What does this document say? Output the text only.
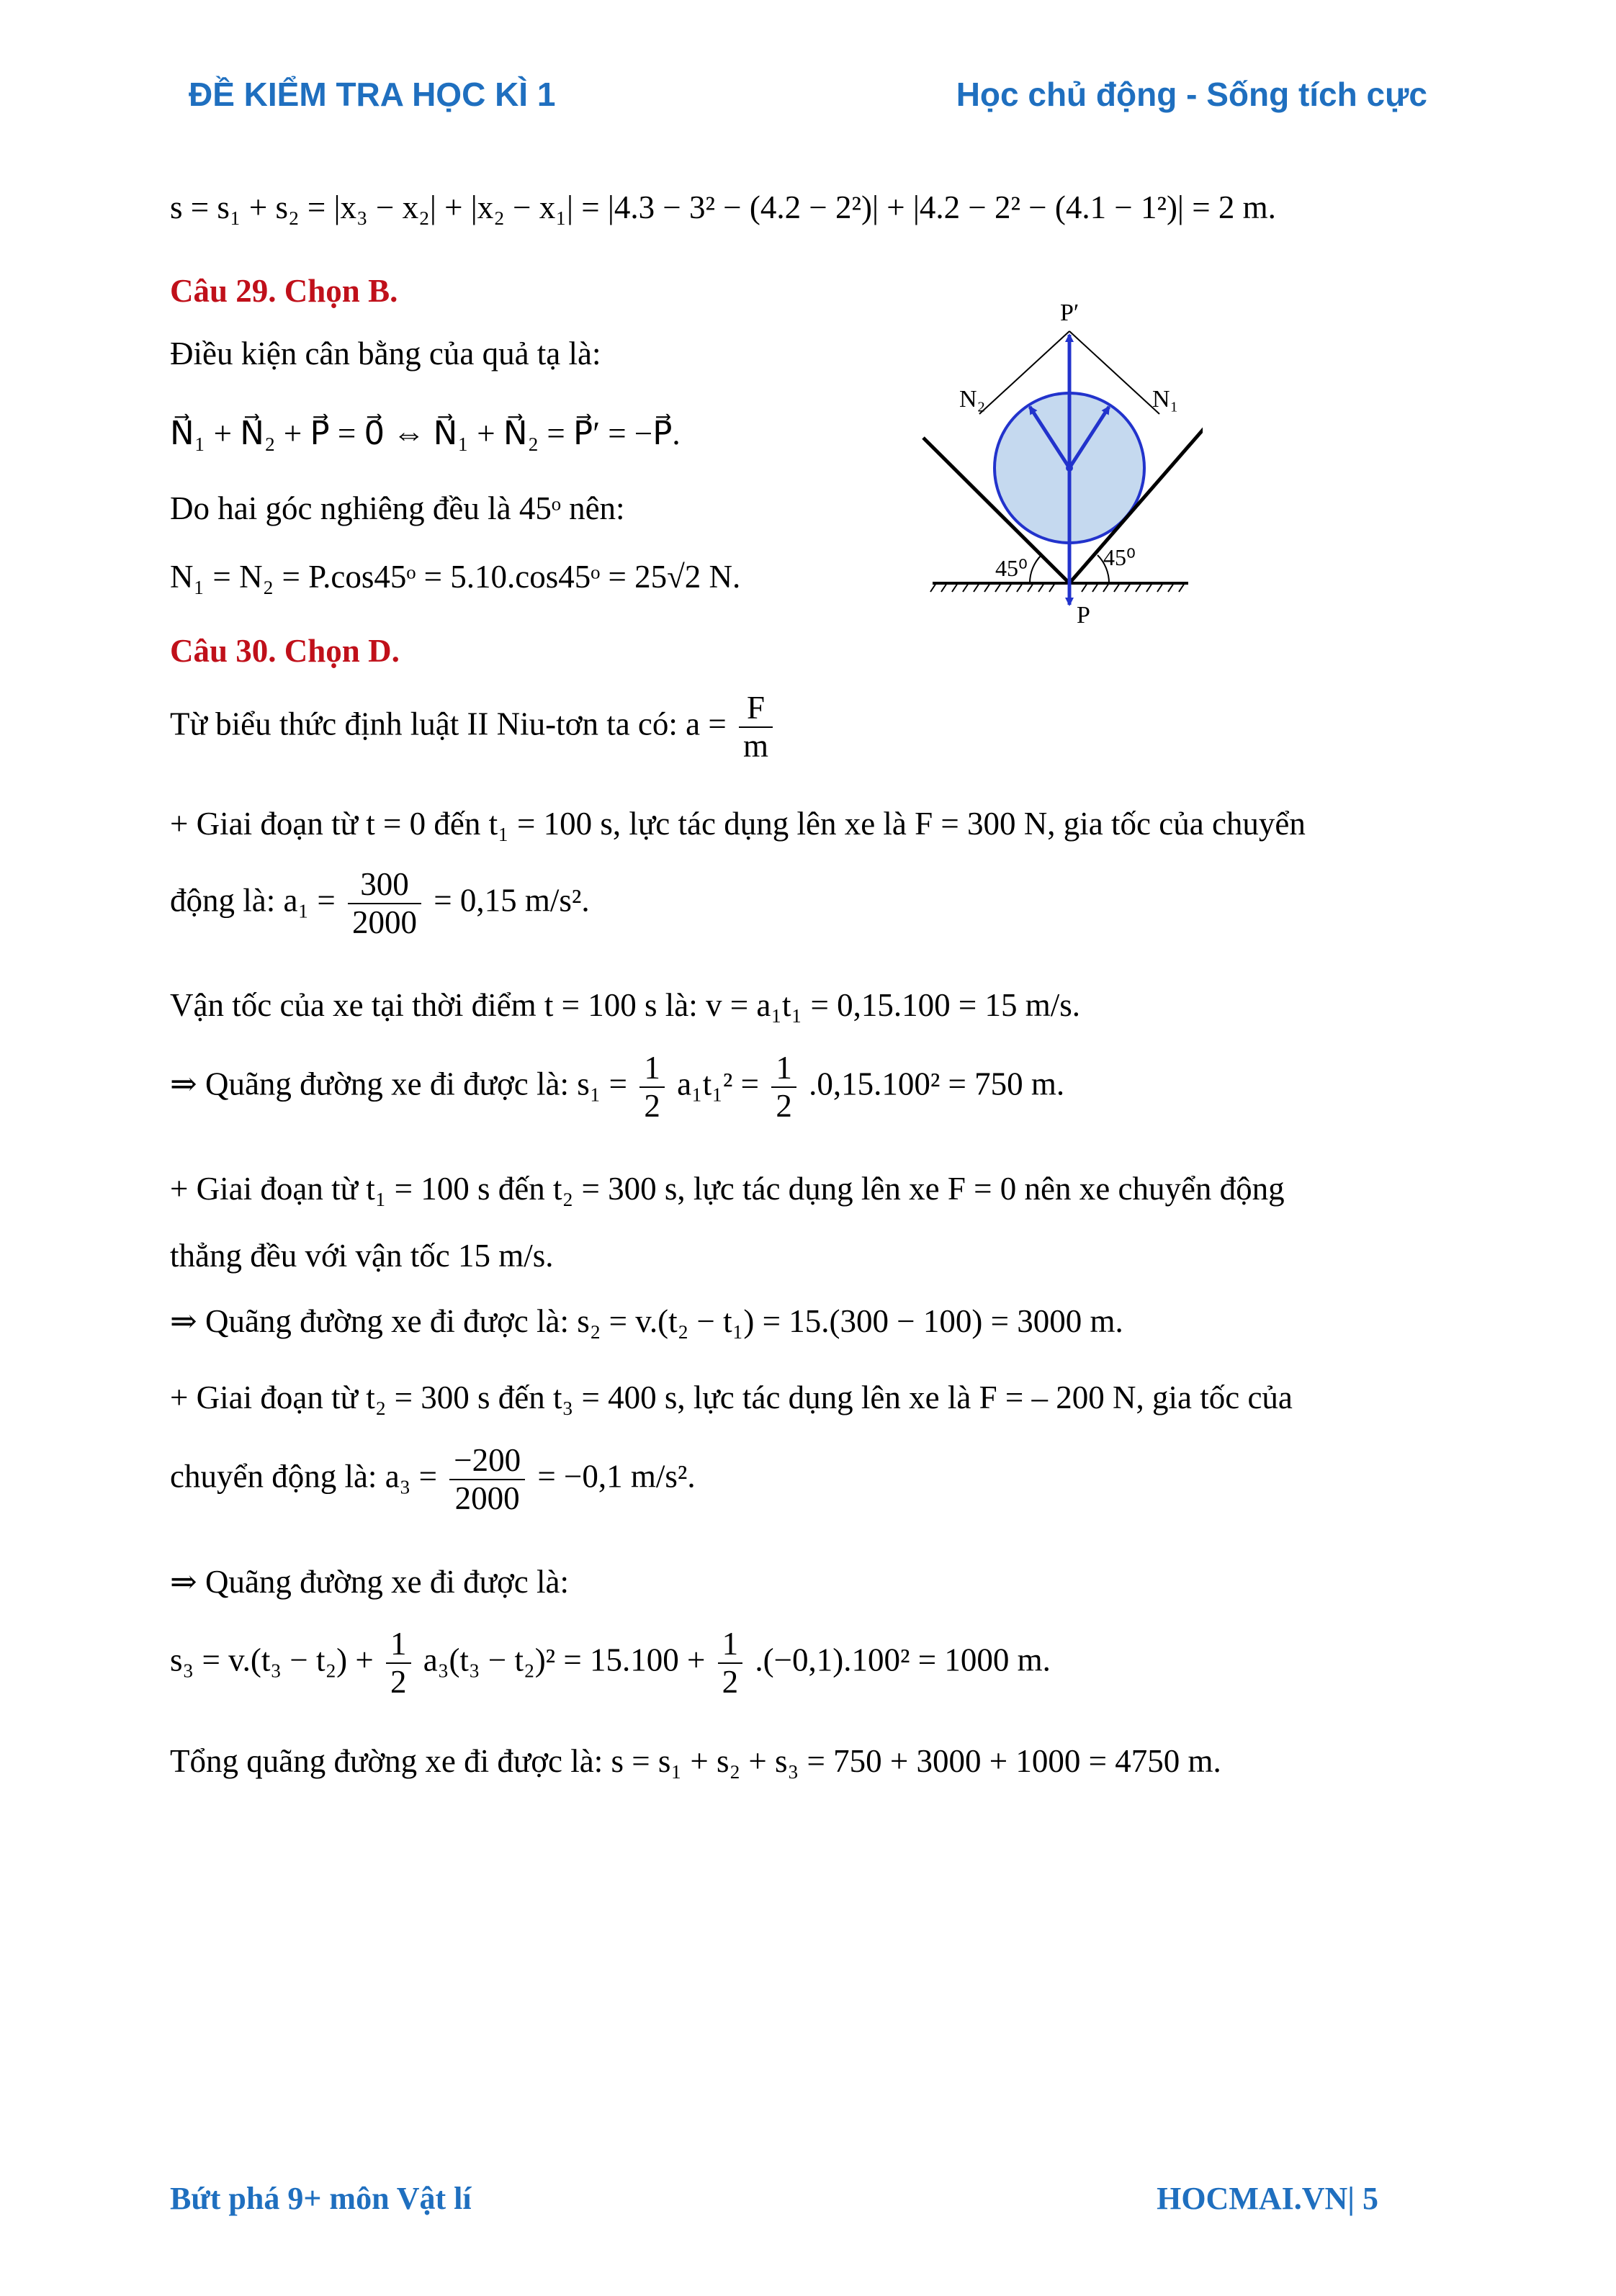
ĐỀ KIỂM TRA HỌC KÌ 1	Học chủ động - Sống tích cực
s = s₁ + s₂ = |x₃ − x₂| + |x₂ − x₁| = |4.3 − 3² − (4.2 − 2²)| + |4.2 − 2² − (4.1 − 1²)| = 2 m.
Câu 29. Chọn B.
Điều kiện cân bằng của quả tạ là:
N⃗₁ + N⃗₂ + P⃗ = 0⃗ ⇔ N⃗₁ + N⃗₂ = P⃗′ = −P⃗.
Do hai góc nghiêng đều là 45ᵒ nên:
N₁ = N₂ = P.cos45ᵒ = 5.10.cos45ᵒ = 25√2 N.
P′
N₂	N₁
P
45⁰	45⁰
Câu 30. Chọn D.
Từ biểu thức định luật II Niu-tơn ta có: $a = \frac{F}{m}$
+ Giai đoạn từ t = 0 đến t₁ = 100 s, lực tác dụng lên xe là F = 300 N, gia tốc của chuyển
động là: $a_1 = \frac{300}{2000} = 0,15$ m/s².
Vận tốc của xe tại thời điểm t = 100 s là: v = a₁t₁ = 0,15.100 = 15 m/s.
⇒ Quãng đường xe đi được là: $s_1 = \frac{1}{2} a_1t_1^2 = \frac{1}{2} .0,15.100^2 = 750$ m.
+ Giai đoạn từ t₁ = 100 s đến t₂ = 300 s, lực tác dụng lên xe F = 0 nên xe chuyển động
thẳng đều với vận tốc 15 m/s.
⇒ Quãng đường xe đi được là: s₂ = v.(t₂ − t₁) = 15.(300 − 100) = 3000 m.
+ Giai đoạn từ t₂ = 300 s đến t₃ = 400 s, lực tác dụng lên xe là F = – 200 N, gia tốc của
chuyển động là: $a_3 = \frac{-200}{2000} = -0,1$ m/s².
⇒ Quãng đường xe đi được là:
$s_3 = v.(t_3 - t_2) + \frac{1}{2} a_3(t_3 - t_2)^2 = 15.100 + \frac{1}{2} .(-0,1).100^2 = 1000$ m.
Tổng quãng đường xe đi được là: s = s₁ + s₂ + s₃ = 750 + 3000 + 1000 = 4750 m.
Bứt phá 9+ môn Vật lí	HOCMAI.VN| 5
